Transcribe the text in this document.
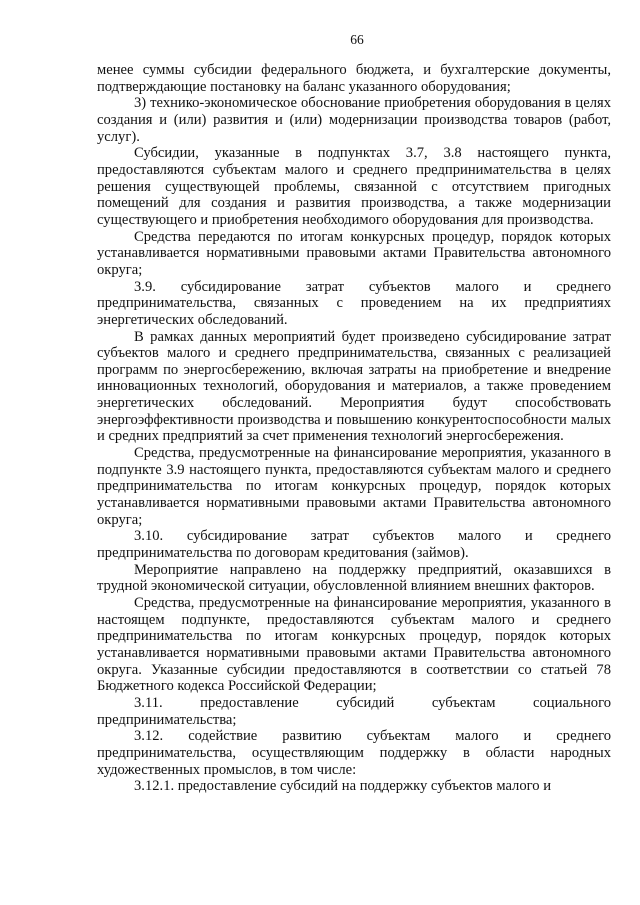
66

менее суммы субсидии федерального бюджета, и бухгалтерские документы, подтверждающие постановку на баланс указанного оборудования;

3) технико-экономическое обоснование приобретения оборудования в целях создания и (или) развития и (или) модернизации производства товаров (работ, услуг).

Субсидии, указанные в подпунктах 3.7, 3.8 настоящего пункта, предоставляются субъектам малого и среднего предпринимательства в целях решения существующей проблемы, связанной с отсутствием пригодных помещений для создания и развития производства, а также модернизации существующего и приобретения необходимого оборудования для производства.

Средства передаются по итогам конкурсных процедур, порядок которых устанавливается нормативными правовыми актами Правительства автономного округа;

3.9. субсидирование затрат субъектов малого и среднего предпринимательства, связанных с проведением на их предприятиях энергетических обследований.

В рамках данных мероприятий будет произведено субсидирование затрат субъектов малого и среднего предпринимательства, связанных с реализацией программ по энергосбережению, включая затраты на приобретение и внедрение инновационных технологий, оборудования и материалов, а также проведением энергетических обследований. Мероприятия будут способствовать энергоэффективности производства и повышению конкурентоспособности малых и средних предприятий за счет применения технологий энергосбережения.

Средства, предусмотренные на финансирование мероприятия, указанного в подпункте 3.9 настоящего пункта, предоставляются субъектам малого и среднего предпринимательства по итогам конкурсных процедур, порядок которых устанавливается нормативными правовыми актами Правительства автономного округа;

3.10. субсидирование затрат субъектов малого и среднего предпринимательства по договорам кредитования (займов).

Мероприятие направлено на поддержку предприятий, оказавшихся в трудной экономической ситуации, обусловленной влиянием внешних факторов.

Средства, предусмотренные на финансирование мероприятия, указанного в настоящем подпункте, предоставляются субъектам малого и среднего предпринимательства по итогам конкурсных процедур, порядок которых устанавливается нормативными правовыми актами Правительства автономного округа. Указанные субсидии предоставляются в соответствии со статьей 78 Бюджетного кодекса Российской Федерации;

3.11. предоставление субсидий субъектам социального предпринимательства;

3.12. содействие развитию субъектам малого и среднего предпринимательства, осуществляющим поддержку в области народных художественных промыслов, в том числе:

3.12.1. предоставление субсидий на поддержку субъектов малого и
